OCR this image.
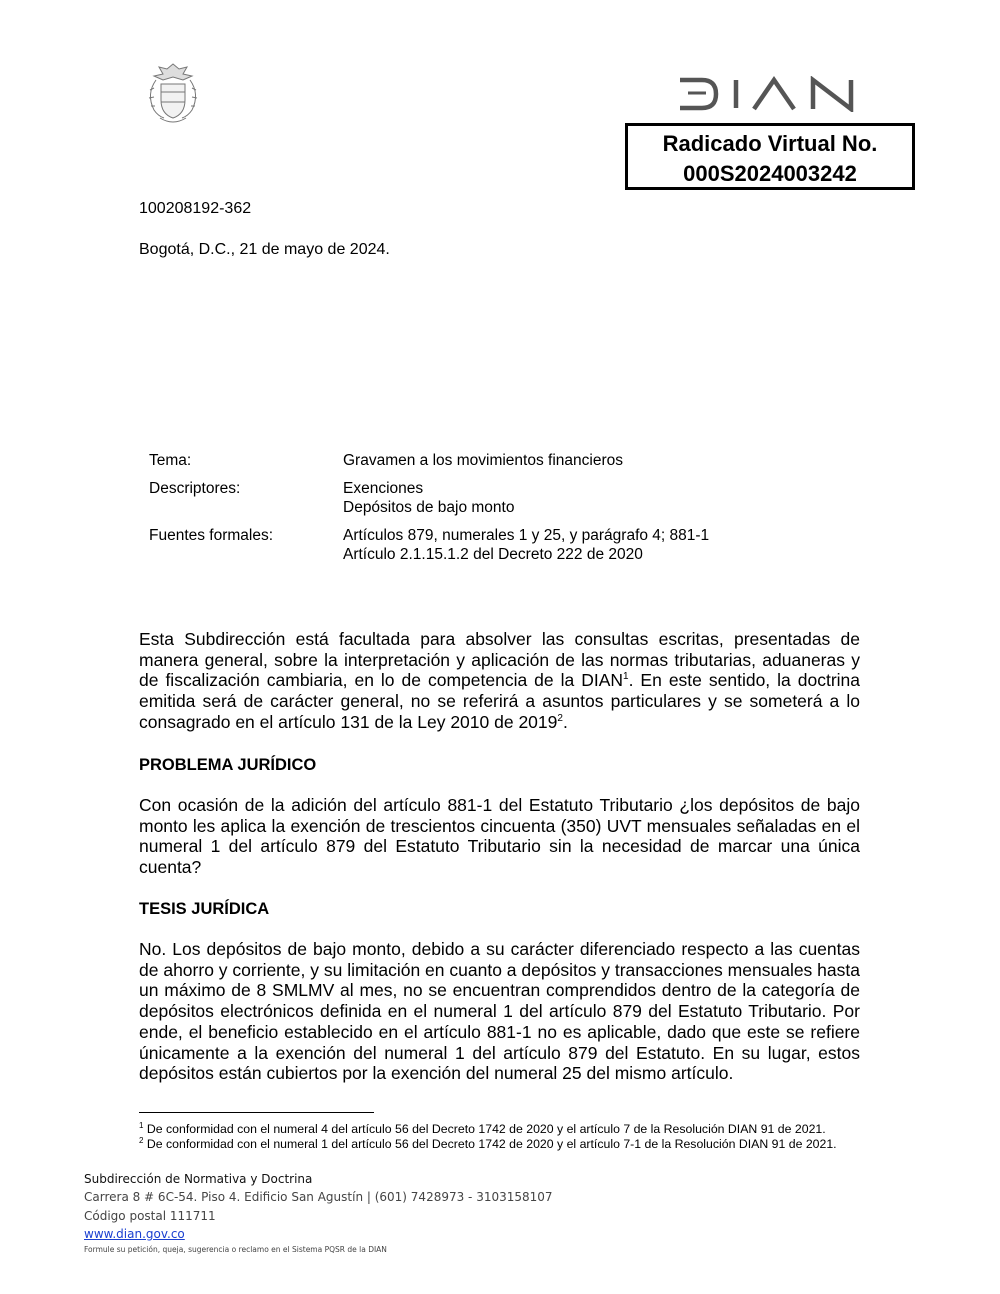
Radicado Virtual No.
000S2024003242
100208192-362
Bogotá, D.C., 21 de mayo de 2024.
Tema:	Gravamen a los movimientos financieros
Descriptores:	Exenciones
Depósitos de bajo monto
Fuentes formales:	Artículos 879, numerales 1 y 25, y parágrafo 4; 881-1
Artículo 2.1.15.1.2 del Decreto 222 de 2020

Esta Subdirección está facultada para absolver las consultas escritas, presentadas de manera general, sobre la interpretación y aplicación de las normas tributarias, aduaneras y de fiscalización cambiaria, en lo de competencia de la DIAN$^1$. En este sentido, la doctrina emitida será de carácter general, no se referirá a asuntos particulares y se someterá a lo consagrado en el artículo 131 de la Ley 2010 de 2019$^2$.

PROBLEMA JURÍDICO

Con ocasión de la adición del artículo 881-1 del Estatuto Tributario ¿los depósitos de bajo monto les aplica la exención de trescientos cincuenta (350) UVT mensuales señaladas en el numeral 1 del artículo 879 del Estatuto Tributario sin la necesidad de marcar una única cuenta?

TESIS JURÍDICA

No. Los depósitos de bajo monto, debido a su carácter diferenciado respecto a las cuentas de ahorro y corriente, y su limitación en cuanto a depósitos y transacciones mensuales hasta un máximo de 8 SMLMV al mes, no se encuentran comprendidos dentro de la categoría de depósitos electrónicos definida en el numeral 1 del artículo 879 del Estatuto Tributario. Por ende, el beneficio establecido en el artículo 881-1 no es aplicable, dado que este se refiere únicamente a la exención del numeral 1 del artículo 879 del Estatuto. En su lugar, estos depósitos están cubiertos por la exención del numeral 25 del mismo artículo.

$^1$ De conformidad con el numeral 4 del artículo 56 del Decreto 1742 de 2020 y el artículo 7 de la Resolución DIAN 91 de 2021.
$^2$ De conformidad con el numeral 1 del artículo 56 del Decreto 1742 de 2020 y el artículo 7-1 de la Resolución DIAN 91 de 2021.
Subdirección de Normativa y Doctrina
Carrera 8 # 6C-54. Piso 4. Edificio San Agustín | (601) 7428973 - 3103158107
Código postal 111711
www.dian.gov.co
Formule su petición, queja, sugerencia o reclamo en el Sistema PQSR de la DIAN
